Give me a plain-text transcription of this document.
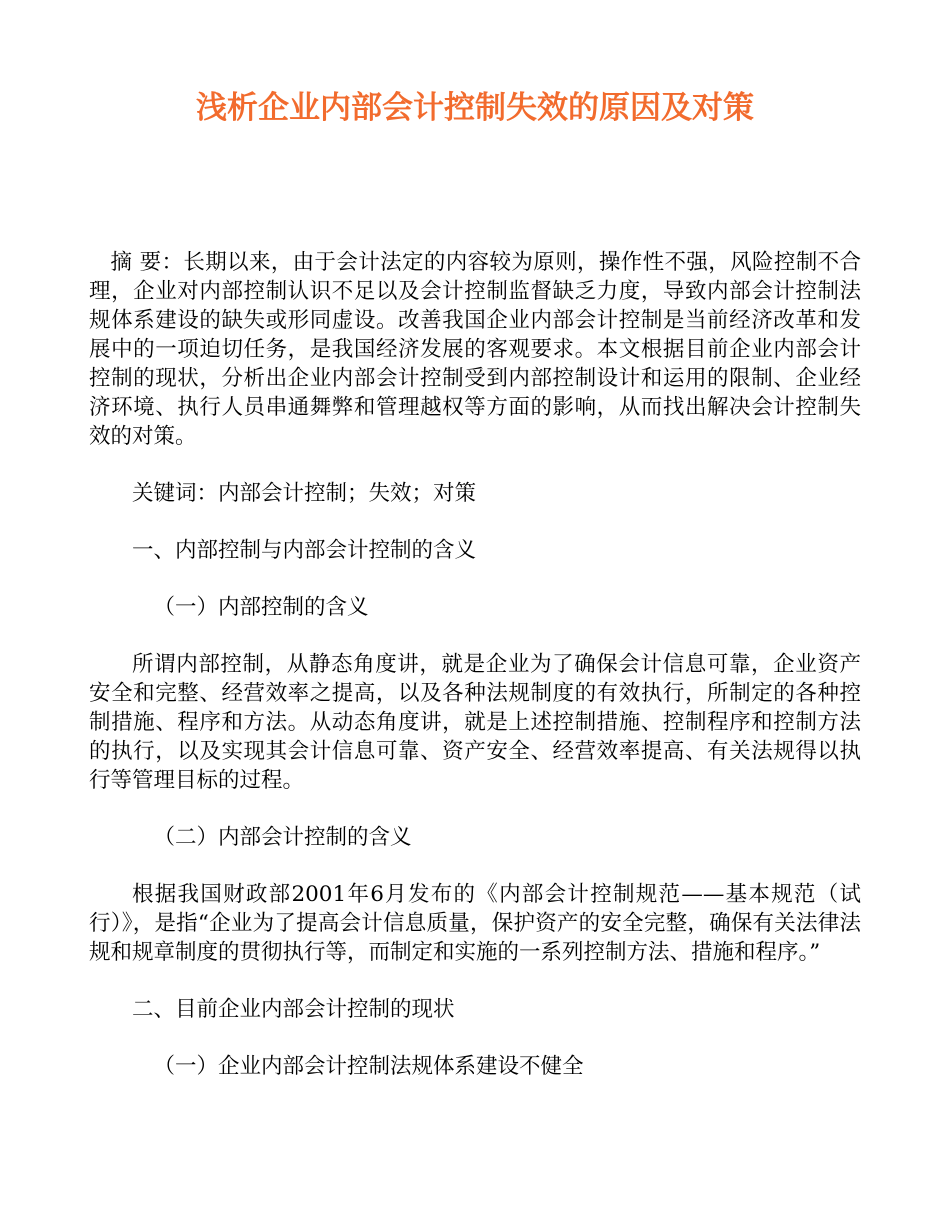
浅析企业内部会计控制失效的原因及对策

摘 要：长期以来，由于会计法定的内容较为原则，操作性不强，风险控制不合理，企业对内部控制认识不足以及会计控制监督缺乏力度，导致内部会计控制法规体系建设的缺失或形同虚设。改善我国企业内部会计控制是当前经济改革和发展中的一项迫切任务，是我国经济发展的客观要求。本文根据目前企业内部会计控制的现状，分析出企业内部会计控制受到内部控制设计和运用的限制、企业经济环境、执行人员串通舞弊和管理越权等方面的影响，从而找出解决会计控制失效的对策。

关键词：内部会计控制；失效；对策

一、内部控制与内部会计控制的含义

（一）内部控制的含义

所谓内部控制，从静态角度讲，就是企业为了确保会计信息可靠，企业资产安全和完整、经营效率之提高，以及各种法规制度的有效执行，所制定的各种控制措施、程序和方法。从动态角度讲，就是上述控制措施、控制程序和控制方法的执行，以及实现其会计信息可靠、资产安全、经营效率提高、有关法规得以执行等管理目标的过程。

（二）内部会计控制的含义

根据我国财政部2001年6月发布的《内部会计控制规范——基本规范（试行）》，是指“企业为了提高会计信息质量，保护资产的安全完整，确保有关法律法规和规章制度的贯彻执行等，而制定和实施的一系列控制方法、措施和程序。”

二、目前企业内部会计控制的现状

（一）企业内部会计控制法规体系建设不健全
